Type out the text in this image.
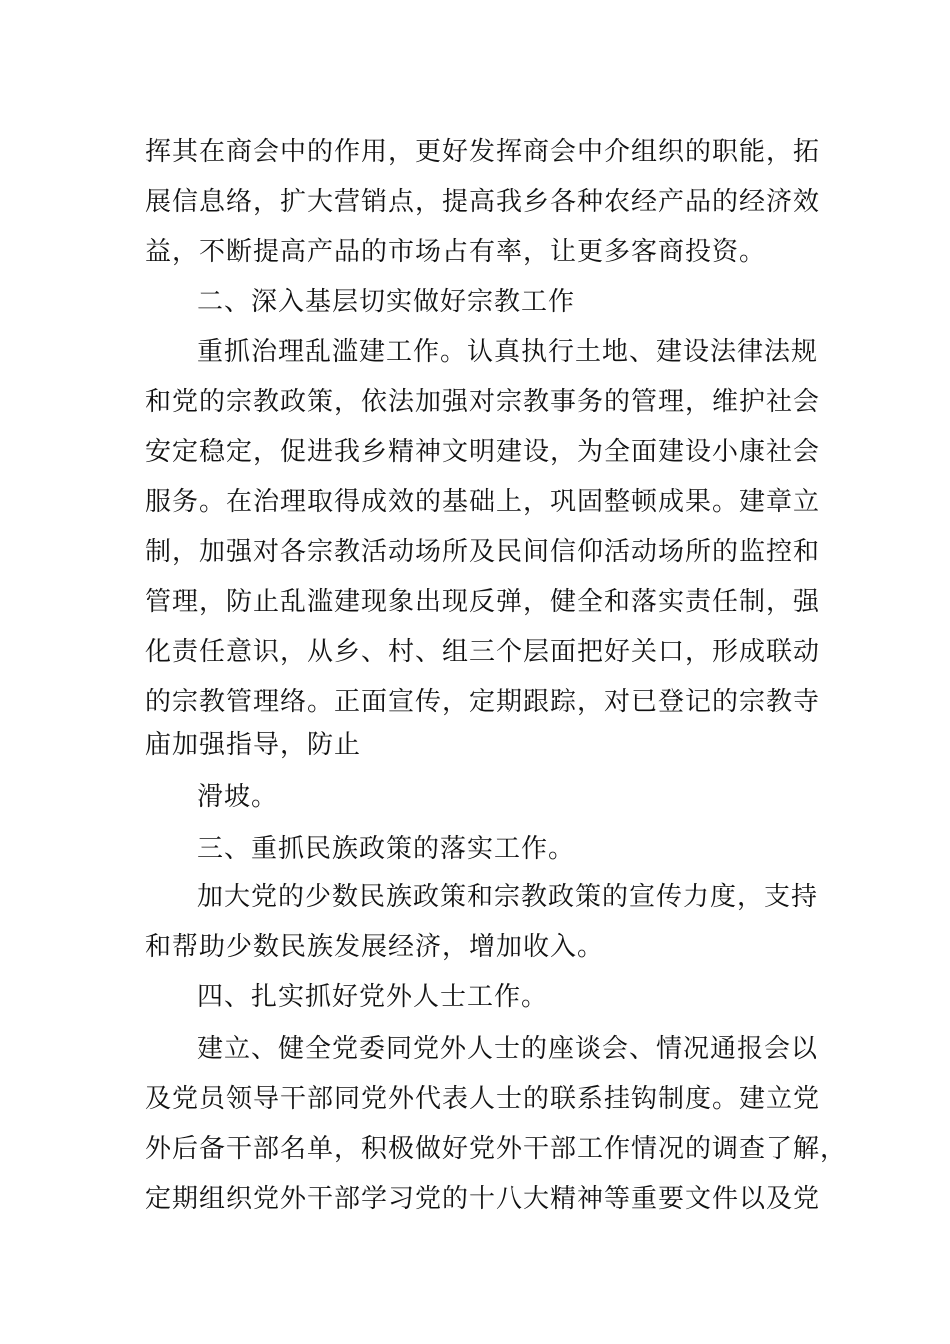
挥其在商会中的作用，更好发挥商会中介组织的职能，拓
展信息络，扩大营销点，提高我乡各种农经产品的经济效
益，不断提高产品的市场占有率，让更多客商投资。
二、深入基层切实做好宗教工作
重抓治理乱滥建工作。认真执行土地、建设法律法规
和党的宗教政策，依法加强对宗教事务的管理，维护社会
安定稳定，促进我乡精神文明建设，为全面建设小康社会
服务。在治理取得成效的基础上，巩固整顿成果。建章立
制，加强对各宗教活动场所及民间信仰活动场所的监控和
管理，防止乱滥建现象出现反弹，健全和落实责任制，强
化责任意识，从乡、村、组三个层面把好关口，形成联动
的宗教管理络。正面宣传，定期跟踪，对已登记的宗教寺
庙加强指导，防止
滑坡。
三、重抓民族政策的落实工作。
加大党的少数民族政策和宗教政策的宣传力度，支持
和帮助少数民族发展经济，增加收入。
四、扎实抓好党外人士工作。
建立、健全党委同党外人士的座谈会、情况通报会以
及党员领导干部同党外代表人士的联系挂钩制度。建立党
外后备干部名单，积极做好党外干部工作情况的调查了解，
定期组织党外干部学习党的十八大精神等重要文件以及党
